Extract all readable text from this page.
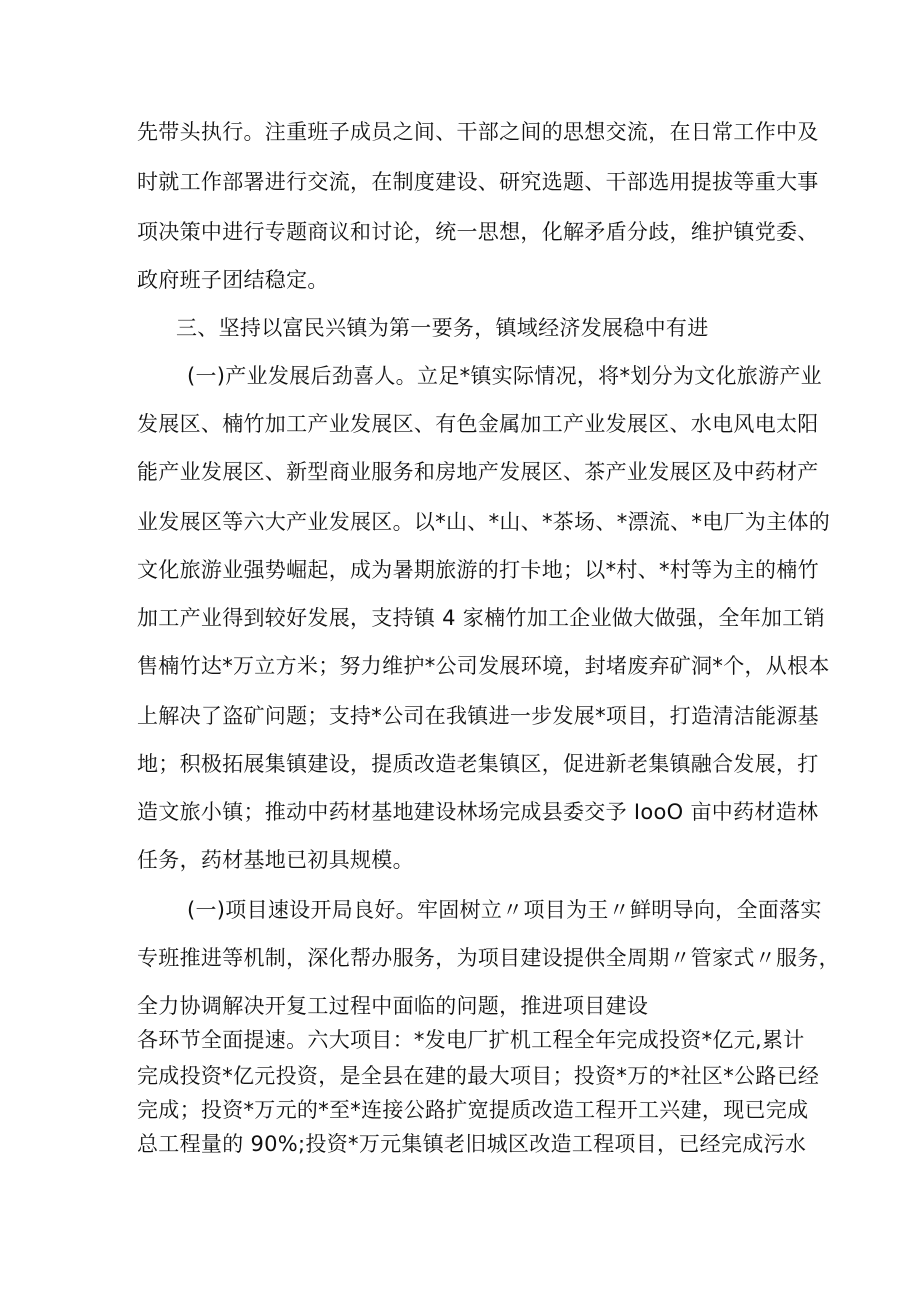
先带头执行。注重班子成员之间、干部之间的思想交流，在日常工作中及
时就工作部署进行交流，在制度建设、研究选题、干部选用提拔等重大事
项决策中进行专题商议和讨论，统一思想，化解矛盾分歧，维护镇党委、
政府班子团结稳定。
三、坚持以富民兴镇为第一要务，镇域经济发展稳中有进
(一)产业发展后劲喜人。立足*镇实际情况，将*划分为文化旅游产业
发展区、楠竹加工产业发展区、有色金属加工产业发展区、水电风电太阳
能产业发展区、新型商业服务和房地产发展区、茶产业发展区及中药材产
业发展区等六大产业发展区。以*山、*山、*茶场、*漂流、*电厂为主体的
文化旅游业强势崛起，成为暑期旅游的打卡地；以*村、*村等为主的楠竹
加工产业得到较好发展，支持镇 4 家楠竹加工企业做大做强，全年加工销
售楠竹达*万立方米；努力维护*公司发展环境，封堵废弃矿洞*个，从根本
上解决了盗矿问题；支持*公司在我镇进一步发展*项目，打造清洁能源基
地；积极拓展集镇建设，提质改造老集镇区，促进新老集镇融合发展，打
造文旅小镇；推动中药材基地建设林场完成县委交予 IooO 亩中药材造林
任务，药材基地已初具规模。
(一)项目速设开局良好。牢固树立〃项目为王〃鲜明导向，全面落实
专班推进等机制，深化帮办服务，为项目建设提供全周期〃管家式〃服务，
全力协调解决开复工过程中面临的问题，推进项目建设
各环节全面提速。六大项目：*发电厂扩机工程全年完成投资*亿元,累计
完成投资*亿元投资，是全县在建的最大项目；投资*万的*社区*公路已经
完成；投资*万元的*至*连接公路扩宽提质改造工程开工兴建，现已完成
总工程量的 90%;投资*万元集镇老旧城区改造工程项目，已经完成污水
